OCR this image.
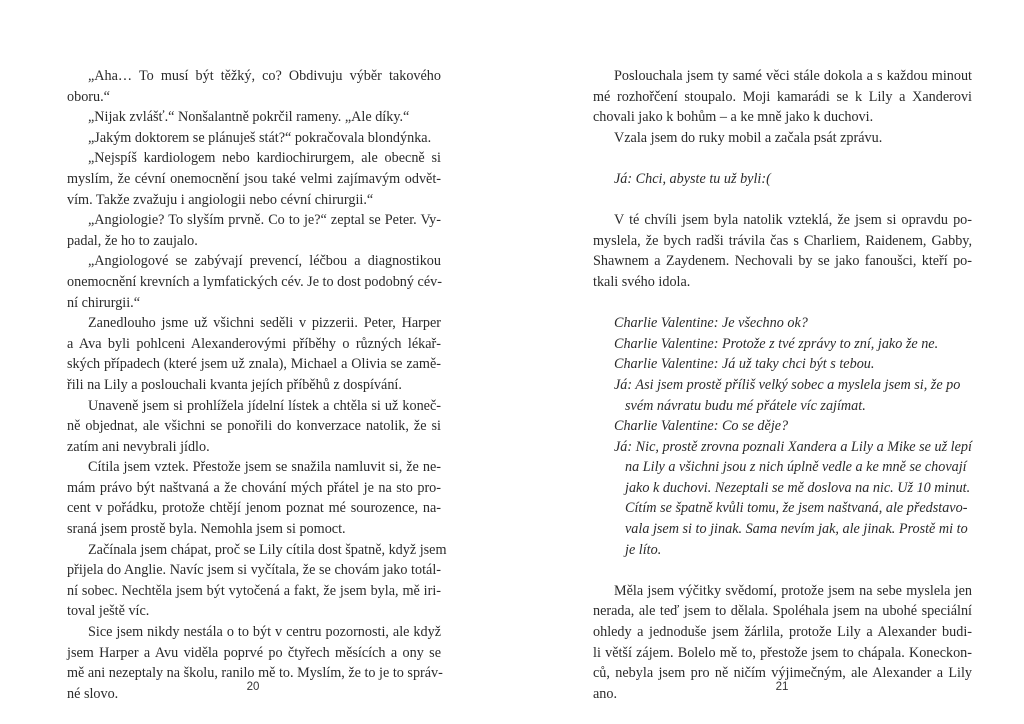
„Aha… To musí být těžký, co? Obdivuju výběr takového
oboru.“
„Nijak zvlášť.“ Nonšalantně pokrčil rameny. „Ale díky.“
„Jakým doktorem se plánuješ stát?“ pokračovala blondýnka.
„Nejspíš kardiologem nebo kardiochirurgem, ale obecně si
myslím, že cévní onemocnění jsou také velmi zajímavým odvět-
vím. Takže zvažuju i angiologii nebo cévní chirurgii.“
„Angiologie? To slyším prvně. Co to je?“ zeptal se Peter. Vy-
padal, že ho to zaujalo.
„Angiologové se zabývají prevencí, léčbou a diagnostikou
onemocnění krevních a lymfatických cév. Je to dost podobný cév-
ní chirurgii.“
Zanedlouho jsme už všichni seděli v pizzerii. Peter, Harper
a Ava byli pohlceni Alexanderovými příběhy o různých lékař-
ských případech (které jsem už znala), Michael a Olivia se zamě-
řili na Lily a poslouchali kvanta jejích příběhů z dospívání.
Unaveně jsem si prohlížela jídelní lístek a chtěla si už koneč-
ně objednat, ale všichni se ponořili do konverzace natolik, že si
zatím ani nevybrali jídlo.
Cítila jsem vztek. Přestože jsem se snažila namluvit si, že ne-
mám právo být naštvaná a že chování mých přátel je na sto pro-
cent v pořádku, protože chtějí jenom poznat mé sourozence, na-
sraná jsem prostě byla. Nemohla jsem si pomoct.
Začínala jsem chápat, proč se Lily cítila dost špatně, když jsem
přijela do Anglie. Navíc jsem si vyčítala, že se chovám jako totál-
ní sobec. Nechtěla jsem být vytočená a fakt, že jsem byla, mě iri-
toval ještě víc.
Sice jsem nikdy nestála o to být v centru pozornosti, ale když
jsem Harper a Avu viděla poprvé po čtyřech měsících a ony se
mě ani nezeptaly na školu, ranilo mě to. Myslím, že to je to správ-
né slovo.	20
Poslouchala jsem ty samé věci stále dokola a s každou minout
mé rozhořčení stoupalo. Moji kamarádi se k Lily a Xanderovi
chovali jako k bohům – a ke mně jako k duchovi.
Vzala jsem do ruky mobil a začala psát zprávu.
Já: Chci, abyste tu už byli:(
V té chvíli jsem byla natolik vzteklá, že jsem si opravdu po-
myslela, že bych radši trávila čas s Charliem, Raidenem, Gabby,
Shawnem a Zaydenem. Nechovali by se jako fanoušci, kteří po-
tkali svého idola.
Charlie Valentine: Je všechno ok?
Charlie Valentine: Protože z tvé zprávy to zní, jako že ne.
Charlie Valentine: Já už taky chci být s tebou.
Já: Asi jsem prostě příliš velký sobec a myslela jsem si, že po
svém návratu budu mé přátele víc zajímat.
Charlie Valentine: Co se děje?
Já: Nic, prostě zrovna poznali Xandera a Lily a Mike se už lepí
na Lily a všichni jsou z nich úplně vedle a ke mně se chovají
jako k duchovi. Nezeptali se mě doslova na nic. Už 10 minut.
Cítím se špatně kvůli tomu, že jsem naštvaná, ale představo-
vala jsem si to jinak. Sama nevím jak, ale jinak. Prostě mi to
je líto.
Měla jsem výčitky svědomí, protože jsem na sebe myslela jen
nerada, ale teď jsem to dělala. Spoléhala jsem na ubohé speciální
ohledy a jednoduše jsem žárlila, protože Lily a Alexander budi-
li větší zájem. Bolelo mě to, přestože jsem to chápala. Koneckon-
ců, nebyla jsem pro ně ničím výjimečným, ale Alexander a Lily
ano.	21
